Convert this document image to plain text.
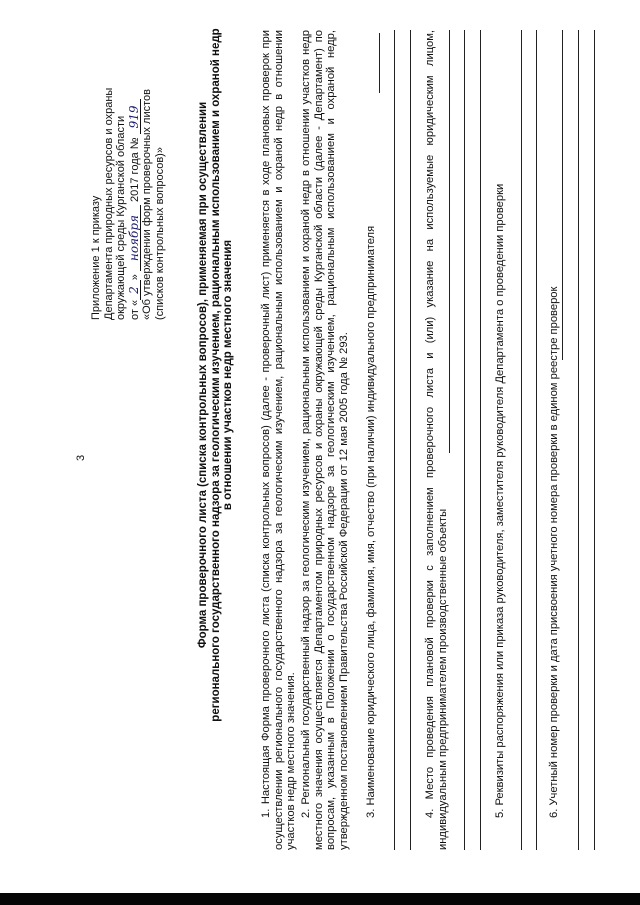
3
Приложение 1 к приказу Департамента природных ресурсов и охраны окружающей среды Курганской области от «2» ноября 2017 года № 919 «Об утверждении форм проверочных листов (списков контрольных вопросов)»	Форма проверочного листа (списка контрольных вопросов), применяемая при осуществлении регионального государственного надзора за геологическим изучением, рациональным использованием и охраной недр в отношении участков недр местного значения 1. Настоящая Форма проверочного листа (списка контрольных вопросов) (далее - проверочный лист) применяется в ходе плановых проверок при осуществлении регионального государственного надзора за геологическим изучением, рациональным использованием и охраной недр в отношении участков недр местного значения. 2. Региональный государственный надзор за геологическим изучением, рациональным использованием и охраной недр в отношении участков недр местного значения осуществляется Департаментом природных ресурсов и охраны окружающей среды Курганской области (далее - Департамент) по вопросам, указанным в Положении о государственном надзоре за геологическим изучением, рациональным использованием и охраной недр, утвержденном постановлением Правительства Российской Федерации от 12 мая 2005 года № 293. 3. Наименование юридического лица, фамилия, имя, отчество (при наличии) индивидуального предпринимателя	4. Место проведения плановой проверки с заполнением проверочного листа и (или) указание на используемые юридическим лицом, индивидуальным предпринимателем производственные объекты	5. Реквизиты распоряжения или приказа руководителя, заместителя руководителя Департамента о проведении проверки	6. Учетный номер проверки и дата присвоения учетного номера проверки в едином реестре проверок
